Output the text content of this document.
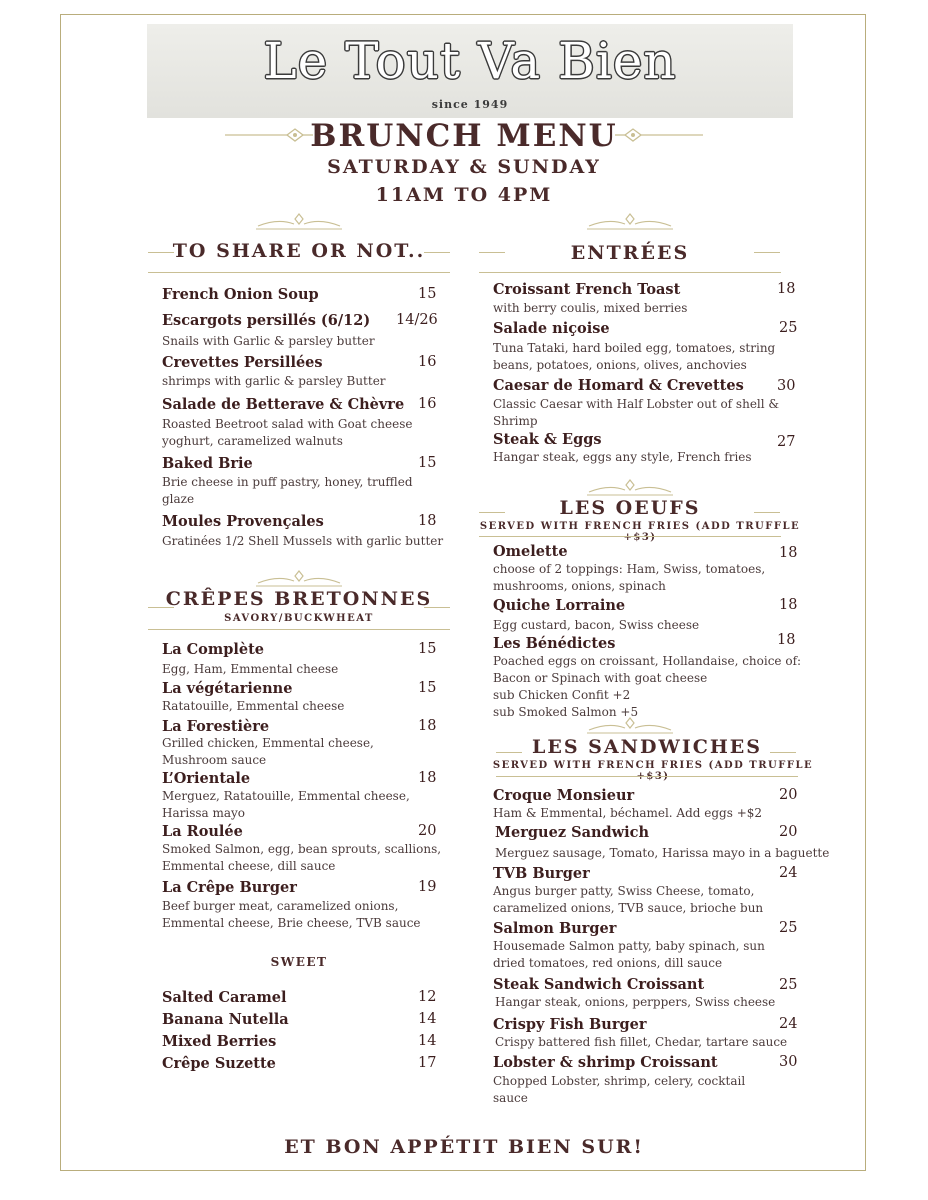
Le Tout Va Bien
since 1949
BRUNCH MENU
SATURDAY & SUNDAY
11AM TO 4PM
TO SHARE OR NOT..
French Onion Soup	15
Escargots persillés (6/12) 14/26
Snails with Garlic & parsley butter
Crevettes Persillées	16
shrimps with garlic & parsley Butter
Salade de Betterave & Chèvre 16
Roasted Beetroot salad with Goat cheese yoghurt, caramelized walnuts
Baked Brie	15
Brie cheese in puff pastry, honey, truffled glaze
Moules Provençales	18
Gratinées 1/2 Shell Mussels with garlic butter
CRÊPES BRETONNES
SAVORY/BUCKWHEAT
La Complète	15
Egg, Ham, Emmental cheese
La végétarienne	15
Ratatouille, Emmental cheese
La Forestière	18
Grilled chicken, Emmental cheese, Mushroom sauce
L’Orientale	18
Merguez, Ratatouille, Emmental cheese, Harissa mayo
La Roulée	20
Smoked Salmon, egg, bean sprouts, scallions, Emmental cheese, dill sauce
La Crêpe Burger	19
Beef burger meat, caramelized onions, Emmental cheese, Brie cheese, TVB sauce
SWEET
Salted Caramel	12
Banana Nutella	14
Mixed Berries	14
Crêpe Suzette	17
ENTRÉES
Croissant French Toast	18
with berry coulis, mixed berries
Salade niçoise	25
Tuna Tataki, hard boiled egg, tomatoes, string beans, potatoes, onions, olives, anchovies
Caesar de Homard & Crevettes 30
Classic Caesar with Half Lobster out of shell & Shrimp
Steak & Eggs	27
Hangar steak, eggs any style, French fries
LES OEUFS
SERVED WITH FRENCH FRIES (ADD TRUFFLE +$3)
Omelette	18
choose of 2 toppings: Ham, Swiss, tomatoes, mushrooms, onions, spinach
Quiche Lorraine	18
Egg custard, bacon, Swiss cheese
Les Bénédictes	18
Poached eggs on croissant, Hollandaise, choice of: Bacon or Spinach with goat cheese
sub Chicken Confit +2
sub Smoked Salmon +5
LES SANDWICHES
SERVED WITH FRENCH FRIES (ADD TRUFFLE +$3)
Croque Monsieur	20
Ham & Emmental, béchamel. Add eggs +$2
Merguez Sandwich	20
Merguez sausage, Tomato, Harissa mayo in a baguette
TVB Burger	24
Angus burger patty, Swiss Cheese, tomato, caramelized onions, TVB sauce, brioche bun
Salmon Burger	25
Housemade Salmon patty, baby spinach, sun dried tomatoes, red onions, dill sauce
Steak Sandwich Croissant	25
Hangar steak, onions, perppers, Swiss cheese
Crispy Fish Burger	24
Crispy battered fish fillet, Chedar, tartare sauce
Lobster & shrimp Croissant	30
Chopped Lobster, shrimp, celery, cocktail sauce
ET BON APPÉTIT BIEN SUR!
